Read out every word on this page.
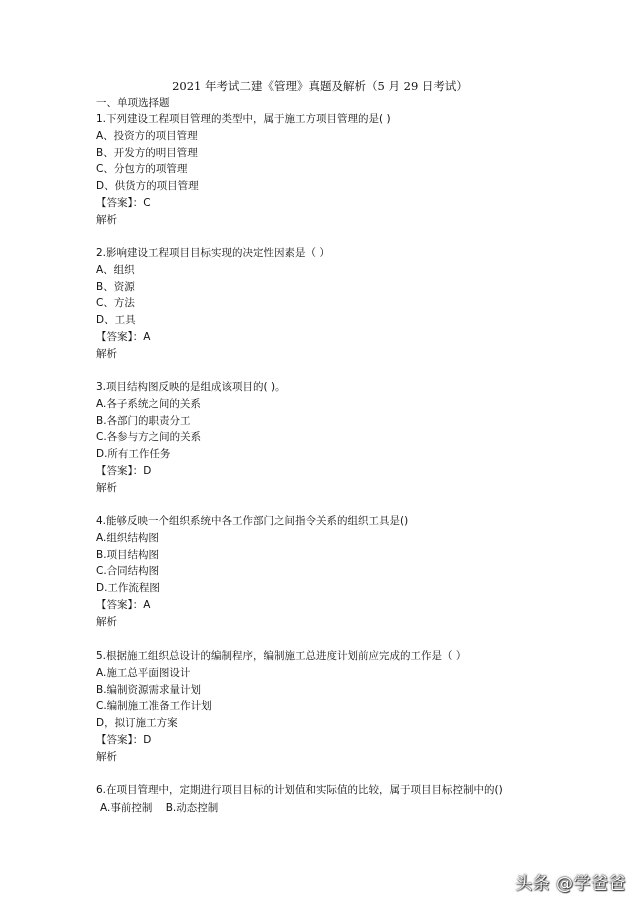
2021 年考试二建《管理》真题及解析（5 月 29 日考试）
一、单项选择题
1.下列建设工程项目管理的类型中，属于施工方项目管理的是( )
A、投资方的项目管理
B、开发方的明目管理
C、分包方的项管理
D、供货方的项目管理
【答案】：C
解析
2.影响建设工程项目目标实现的决定性因素是（ ）
A、组织
B、资源
C、方法
D、工具
【答案】：A
解析
3.项目结构图反映的是组成该项目的( )。
A.各子系统之间的关系
B.各部门的职责分工
C.各参与方之间的关系
D.所有工作任务
【答案】：D
解析
4.能够反映一个组织系统中各工作部门之间指令关系的组织工具是()
A.组织结构图
B.项目结构图
C.合同结构图
D.工作流程图
【答案】：A
解析
5.根据施工组织总设计的编制程序，编制施工总进度计划前应完成的工作是（ ）
A.施工总平面图设计
B.编制资源需求量计划
C.编制施工准备工作计划
D，拟订施工方案
【答案】：D
解析
6.在项目管理中，定期进行项目目标的计划值和实际值的比较，属于项目目标控制中的()
A.事前控制 B.动态控制
头条 @学爸爸
